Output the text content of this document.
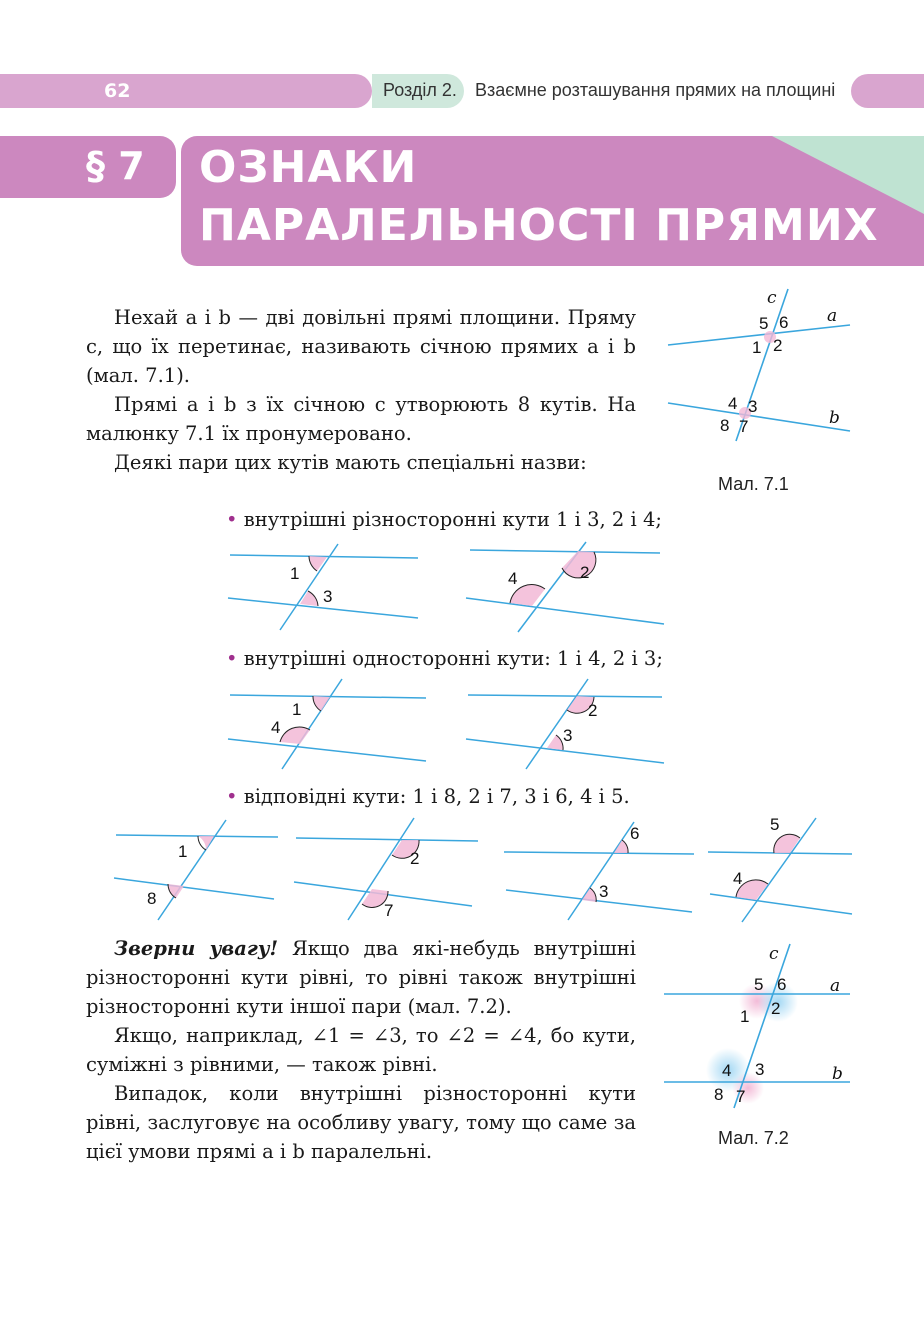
62	Розділ 2. Взаємне розташування прямих на площині
§ 7 ОЗНАКИ
ПАРАЛЕЛЬНОСТІ ПРЯМИХ

Нехай a і b — дві довільні прямі площини. Пряму c, що їх перетинає, називають січною прямих a і b (мал. 7.1).

Прямі a і b з їх січною c утворюють 8 кутів. На малюнку 7.1 їх пронумеровано.

Деякі пари цих кутів мають спеціальні назви:

c
a
b
5 6
1 2
4 3
8 7
Мал. 7.1
• внутрішні різносторонні кути 1 і 3, 2 і 4;
1
3
2
4
• внутрішні односторонні кути: 1 і 4, 2 і 3;
1
4
2
3
• відповідні кути: 1 і 8, 2 і 7, 3 і 6, 4 і 5.
1
8
2
7
6
3
5
4

Зверни увагу! Якщо два які-небудь внутрішні різносторонні кути рівні, то рівні також внутрішні різносторонні кути іншої пари (мал. 7.2).

Якщо, наприклад, ∠1 = ∠3, то ∠2 = ∠4, бо кути, суміжні з рівними, — також рівні.

Випадок, коли внутрішні різносторонні кути рівні, заслуговує на особливу увагу, тому що саме за цієї умови прямі a і b паралельні.

c
a
b
5 6
1 2
4 3
8 7
Мал. 7.2
